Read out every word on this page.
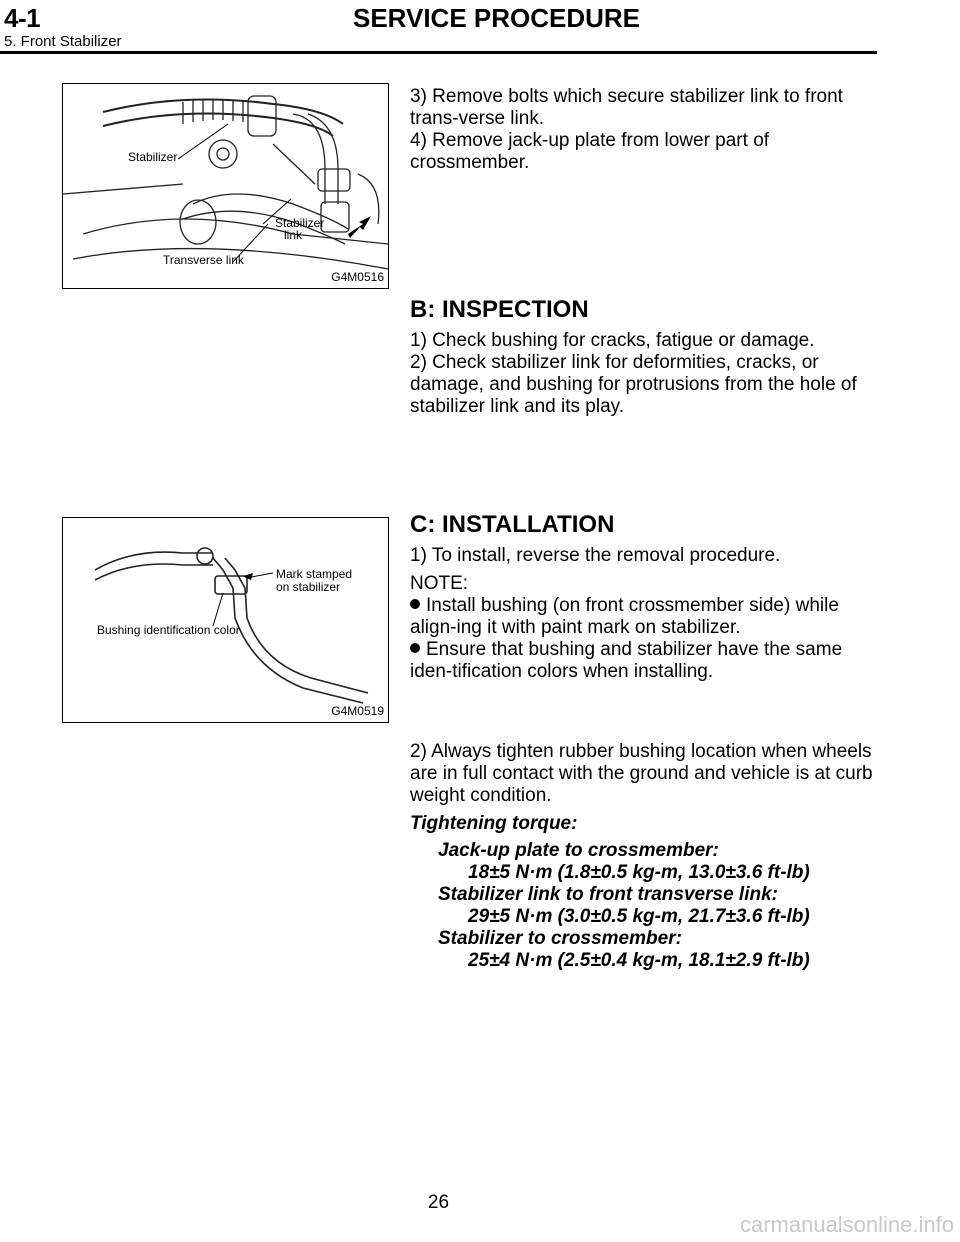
4-1	SERVICE PROCEDURE
5. Front Stabilizer
Stabilizer
Stabilizer
link
Transverse link
G4M0516

3) Remove bolts which secure stabilizer link to front trans-verse link.

4) Remove jack-up plate from lower part of crossmember.

B: INSPECTION

1) Check bushing for cracks, fatigue or damage.

2) Check stabilizer link for deformities, cracks, or damage, and bushing for protrusions from the hole of stabilizer link and its play.

Mark stamped
on stabilizer
Bushing identification color
G4M0519
C: INSTALLATION

1) To install, reverse the removal procedure.

NOTE:

Install bushing (on front crossmember side) while align-ing it with paint mark on stabilizer.

Ensure that bushing and stabilizer have the same iden-tification colors when installing.

2) Always tighten rubber bushing location when wheels are in full contact with the ground and vehicle is at curb weight condition.
Tightening torque:
Jack-up plate to crossmember:
18±5 N·m (1.8±0.5 kg-m, 13.0±3.6 ft-lb)
Stabilizer link to front transverse link:
29±5 N·m (3.0±0.5 kg-m, 21.7±3.6 ft-lb)
Stabilizer to crossmember:
25±4 N·m (2.5±0.4 kg-m, 18.1±2.9 ft-lb)
26
carmanualsonline.info
